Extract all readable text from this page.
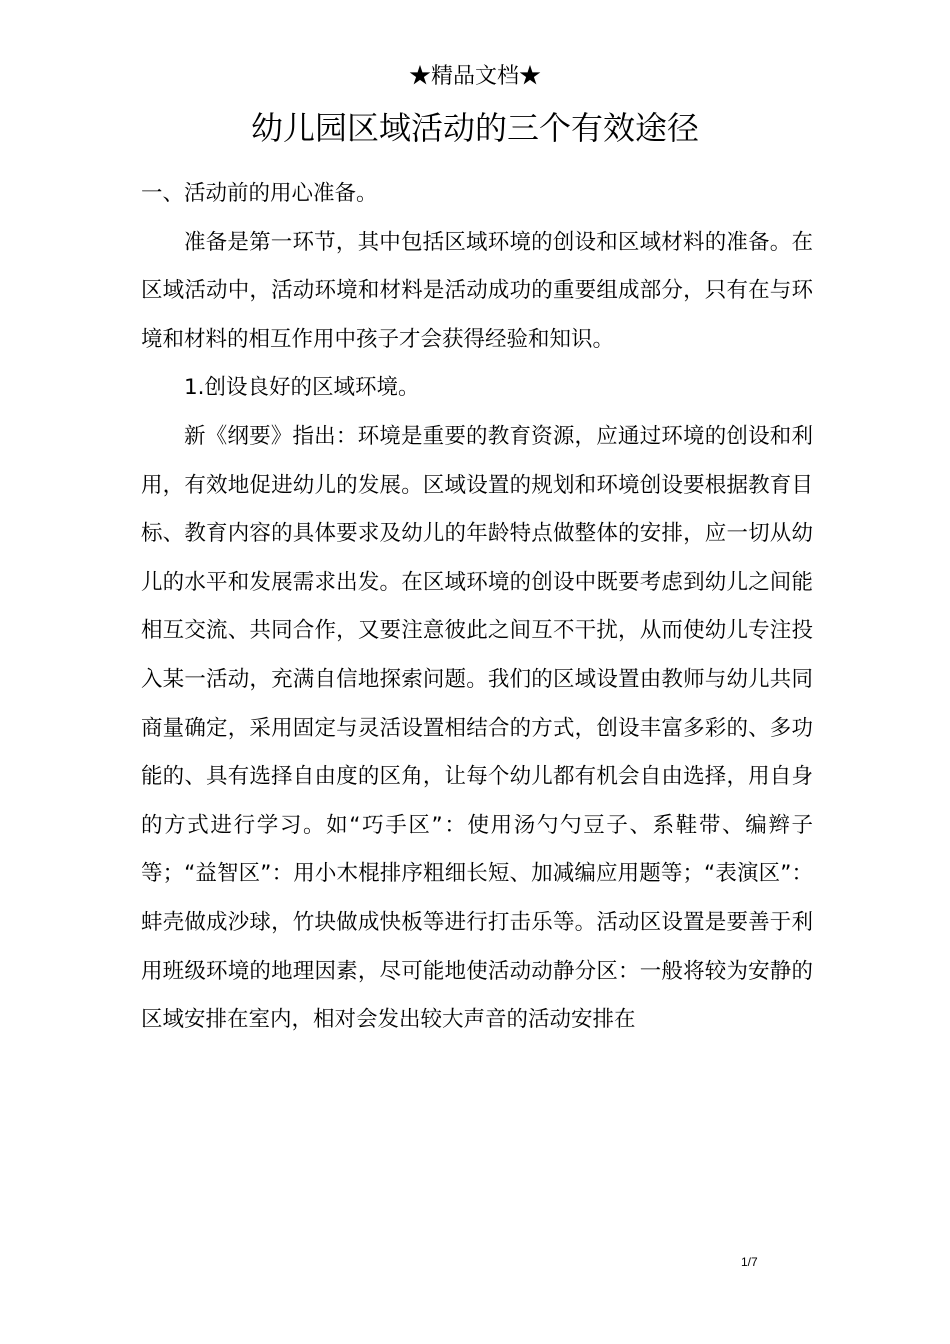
★精品文档★
幼儿园区域活动的三个有效途径

一、活动前的用心准备。

准备是第一环节，其中包括区域环境的创设和区域材料的准备。在区域活动中，活动环境和材料是活动成功的重要组成部分，只有在与环境和材料的相互作用中孩子才会获得经验和知识。

1.创设良好的区域环境。

新《纲要》指出：环境是重要的教育资源，应通过环境的创设和利用，有效地促进幼儿的发展。区域设置的规划和环境创设要根据教育目标、教育内容的具体要求及幼儿的年龄特点做整体的安排，应一切从幼儿的水平和发展需求出发。在区域环境的创设中既要考虑到幼儿之间能相互交流、共同合作，又要注意彼此之间互不干扰，从而使幼儿专注投入某一活动，充满自信地探索问题。我们的区域设置由教师与幼儿共同商量确定，采用固定与灵活设置相结合的方式，创设丰富多彩的、多功能的、具有选择自由度的区角，让每个幼儿都有机会自由选择，用自身的方式进行学习。如“巧手区”：使用汤勺勺豆子、系鞋带、编辫子等；“益智区”：用小木棍排序粗细长短、加减编应用题等；“表演区”：蚌壳做成沙球，竹块做成快板等进行打击乐等。活动区设置是要善于利用班级环境的地理因素，尽可能地使活动动静分区：一般将较为安静的区域安排在室内，相对会发出较大声音的活动安排在

1/7
